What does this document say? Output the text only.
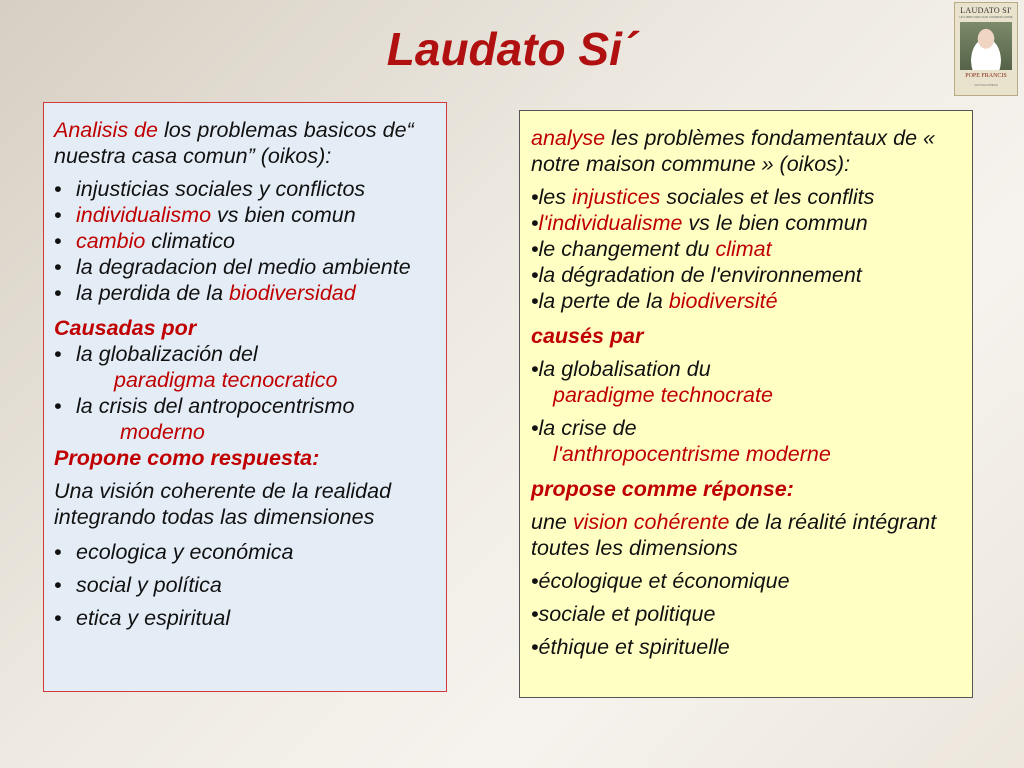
Laudato Si´
LAUDATO SI'
UN LIBRO PER OUR COMMON HOME
POPE FRANCIS
VATICAN PRESS

Analisis de los problemas basicos de“ nuestra casa comun” (oikos):

• injusticias sociales y conflictos

• individualismo vs bien comun

• cambio climatico

• la degradacion del medio ambiente

• la perdida de la biodiversidad

Causadas por

• la globalización del

paradigma tecnocratico

• la crisis del antropocentrismo

moderno

Propone como respuesta:

Una visión coherente de la realidad integrando todas las dimensiones

• ecologica y económica

• social y política

• etica y espiritual

analyse les problèmes fondamentaux de « notre maison commune » (oikos):

•les injustices sociales et les conflits

•l'individualisme vs le bien commun

•le changement du climat

•la dégradation de l'environnement

•la perte de la biodiversité

causés par

•la globalisation du

paradigme technocrate

•la crise de

l'anthropocentrisme moderne

propose comme réponse:

une vision cohérente de la réalité intégrant toutes les dimensions

•écologique et économique

•sociale et politique

•éthique et spirituelle
